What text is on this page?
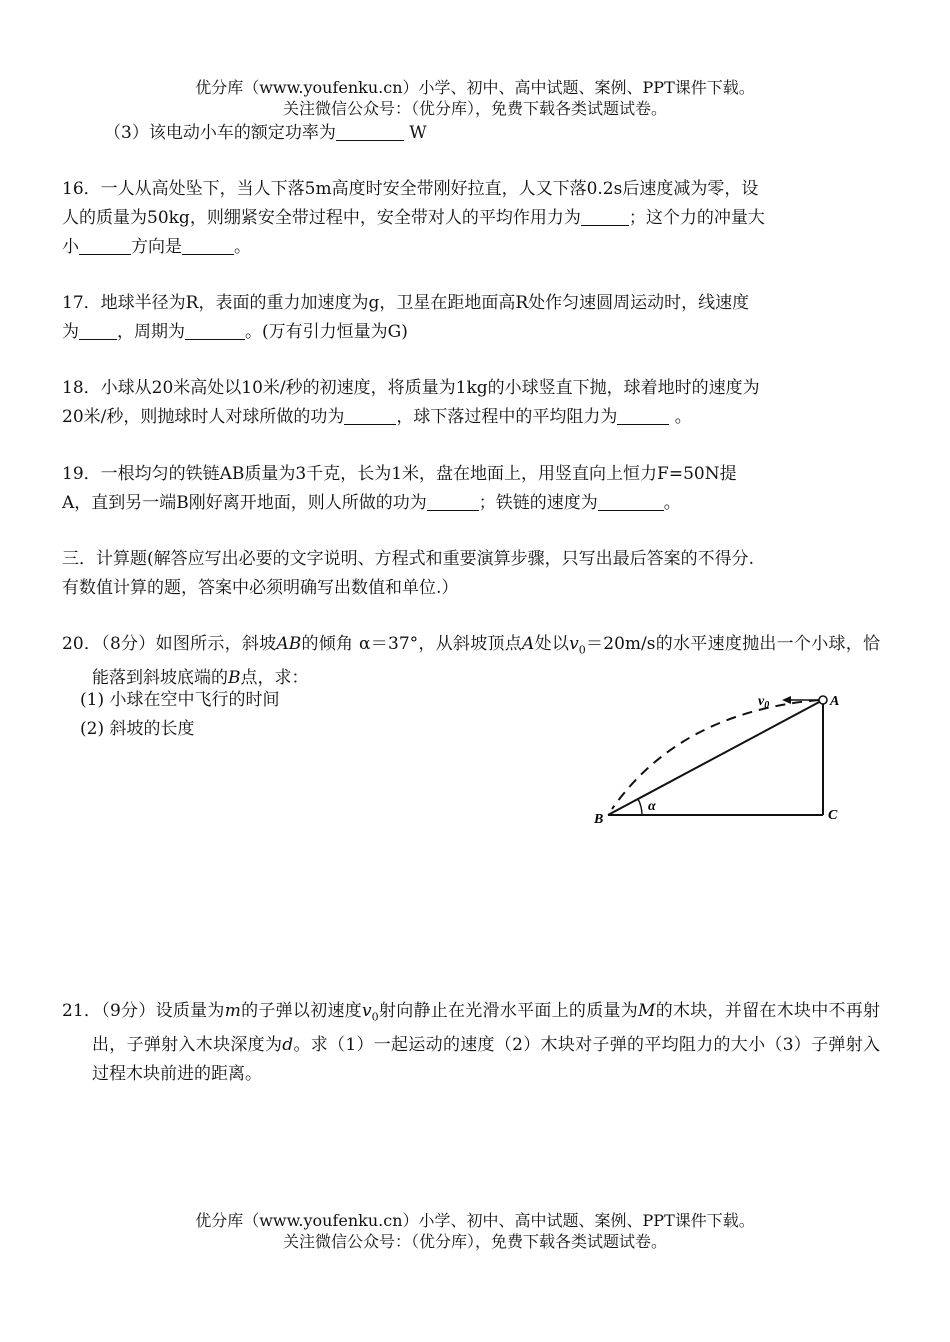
优分库（www.youfenku.cn）小学、初中、高中试题、案例、PPT课件下载。
关注微信公众号：（优分库），免费下载各类试题试卷。
（3）该电动小车的额定功率为	W
16．一人从高处坠下，当人下落5m高度时安全带刚好拉直，人又下落0.2s后速度减为零，设
人的质量为50kg，则绷紧安全带过程中，安全带对人的平均作用力为	；这个力的冲量大
小	方向是	。
17．地球半径为R，表面的重力加速度为g，卫星在距地面高R处作匀速圆周运动时，线速度
为 ，周期为	。(万有引力恒量为G)
18．小球从20米高处以10米/秒的初速度，将质量为1kg的小球竖直下抛，球着地时的速度为
20米/秒，则抛球时人对球所做的功为	，球下落过程中的平均阻力为	。
19．一根均匀的铁链AB质量为3千克，长为1米，盘在地面上，用竖直向上恒力F=50N提
A，直到另一端B刚好离开地面，则人所做的功为	；铁链的速度为	。
三．计算题(解答应写出必要的文字说明、方程式和重要演算步骤，只写出最后答案的不得分.
有数值计算的题，答案中必须明确写出数值和单位.）
20．（8分）如图所示，斜坡AB的倾角 α＝37°，从斜坡顶点A处以$v_0=20m/s$的水平速度抛出一个小球，恰能落到斜坡底端的B点，求：
(1) 小球在空中飞行的时间
(2) 斜坡的长度
$v_0$	A
B	C
α
21．（9分）设质量为m的子弹以初速度$v_0$射向静止在光滑水平面上的质量为M的木块，并留在木块中不再射出，子弹射入木块深度为d。求（1）一起运动的速度（2）木块对子弹的平均阻力的大小（3）子弹射入过程木块前进的距离。
优分库（www.youfenku.cn）小学、初中、高中试题、案例、PPT课件下载。
关注微信公众号：（优分库），免费下载各类试题试卷。
